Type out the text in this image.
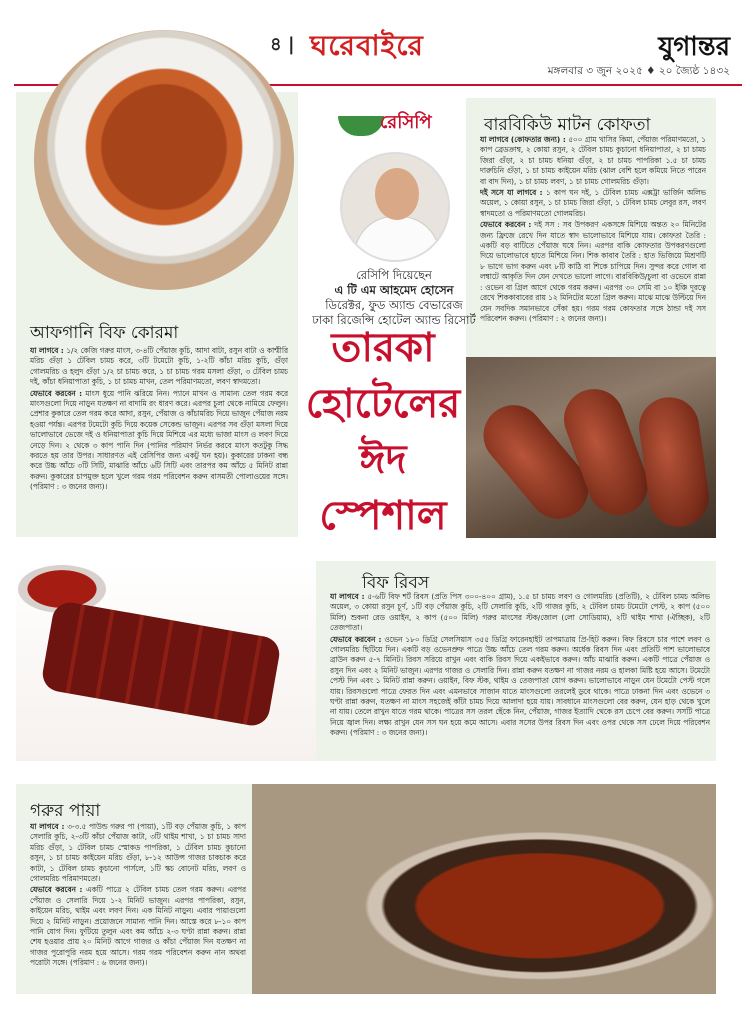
৪ | ঘরেবাইরে	যুগান্তর
মঙ্গলবার ৩ জুন ২০২৫ ♦ ২০ জ্যৈষ্ঠ ১৪৩২
রেসিপি
রেসিপি দিয়েছেন
এ টি এম আহমেদ হোসেন
ডিরেক্টর, ফুড অ্যান্ড বেভারেজ
ঢাকা রিজেন্সি হোটেল অ্যান্ড রিসোর্ট
তারকা
হোটেলের
ঈদ
স্পেশাল
আফগানি বিফ কোরমা

যা লাগবে : ১/২ কেজি গরুর মাংস, ৩-৪টি পেঁয়াজ কুচি, আদা বাটা, রসুন বাটা ও কাশ্মীরি মরিচ গুঁড়া ১ টেবিল চামচ করে, ৩টি টমেটো কুচি, ১-২টি কাঁচা মরিচ কুচি, গুঁড়া গোলমরিচ ও হলুদ গুঁড়া ১/২ চা চামচ করে, ১ চা চামচ গরম মসলা গুঁড়া, ৩ টেবিল চামচ দই, কাঁচা ধনিয়াপাতা কুচি, ১ চা চামচ মাখন, তেল পরিমাণমতো, লবণ স্বাদমতো।

যেভাবে করবেন : মাংস ধুয়ে পানি ঝরিয়ে নিন। প্যানে মাখন ও সামান্য তেল গরম করে মাংসগুলো দিয়ে নাড়ুন যতক্ষণ না বাদামি রং ধারণ করে। এরপর চুলা থেকে নামিয়ে ফেলুন। প্রেশার কুকারে তেল গরম করে আদা, রসুন, পেঁয়াজ ও কাঁচামরিচ দিয়ে ভাজুন পেঁয়াজ নরম হওয়া পর্যন্ত। এরপর টমেটো কুচি দিয়ে কয়েক সেকেন্ড ভাজুন। এরপর সব গুঁড়া মসলা দিয়ে ভালোভাবে ভেজে দই ও ধনিয়াপাতা কুচি দিয়ে মিশিয়ে এর মধ্যে ভাজা মাংস ও লবণ দিয়ে নেড়ে দিন। ২ থেকে ৩ কাপ পানি দিন (পানির পরিমাণ নির্ভর করবে মাংস কতটুকু সিদ্ধ করতে হয় তার উপর। সাধারণত এই রেসিপির জন্য একটু ঘন হয়)। কুকারের ঢাকনা বন্ধ করে উচ্চ আঁচে ৩টি সিটি, মাঝারি আঁচে ৬টি সিটি এবং তারপর কম আঁচে ৫ মিনিট রান্না করুন। কুকারের চাপমুক্ত হলে খুলে গরম গরম পরিবেশন করুন বাসমতী পোলাওয়ের সঙ্গে। (পরিমাণ : ৩ জনের জন্য)।

বারবিকিউ মাটন কোফতা

যা লাগবে (কোফতার জন্য) : ৫০০ গ্রাম খাসির কিমা, পেঁয়াজ পরিমাণমতো, ১ কাপ ব্রেডক্রাম্ব, ২ কোয়া রসুন, ২ টেবিল চামচ কুচানো ধনিয়াপাতা, ২ চা চামচ জিরা গুঁড়া, ২ চা চামচ ধনিয়া গুঁড়া, ২ চা চামচ পাপরিকা ১.৫ চা চামচ দারুচিনি গুঁড়া, ১ চা চামচ কাইয়েন মরিচ (ঝাল বেশি হলে কমিয়ে নিতে পারেন বা বাদ দিন), ১ চা চামচ লবণ, ১ চা চামচ গোলমরিচ গুঁড়া।

দই সসে যা লাগবে : ১ কাপ ঘন দই, ১ টেবিল চামচ এক্সট্রা ভার্জিন অলিভ অয়েল, ১ কোয়া রসুন, ১ চা চামচ জিরা গুঁড়া, ১ টেবিল চামচ লেবুর রস, লবণ স্বাদমতো ও পরিমাণমতো গোলমরিচ।

যেভাবে করবেন : দই সস : সব উপকরণ একসঙ্গে মিশিয়ে অন্তত ২০ মিনিটের জন্য ফ্রিজে রেখে দিন যাতে স্বাদ ভালোভাবে মিশিয়ে যায়। কোফতা তৈরি : একটি বড় বাটিতে পেঁয়াজ ঘষে নিন। এরপর বাকি কোফতার উপকরণগুলো দিয়ে ভালোভাবে হাতে মিশিয়ে নিন। শিক কাবাব তৈরি : হাত ভিজিয়ে মিশ্রণটি ৮ ভাগে ভাগ করুন এবং ৮টি কাঠি বা শিকে চাপিয়ে দিন। সুন্দর করে গোল বা লম্বাটে আকৃতি দিন যেন দেখতে ভালো লাগে। বারবিকিউ/চুলা বা ওভেনে রান্না : ওভেন বা গ্রিল আগে থেকে গরম করুন। এরপর ৩০ সেমি বা ১০ ইঞ্চি দূরত্বে রেখে শিককাবাবের রায় ১২ মিনিটের মতো গ্রিল করুন। মাঝে মাঝে উল্টিয়ে দিন যেন সবদিক সমানভাবে সেঁকা হয়। গরম গরম কোফতার সঙ্গে ঠান্ডা দই সস পরিবেশন করুন। (পরিমাণ : ২ জনের জন্য)।

বিফ রিবস

যা লাগবে : ৫-৬টি বিফ শর্ট রিবস (প্রতি পিস ৩০০-৪০০ গ্রাম), ১.৫ চা চামচ লবণ ও গোলমরিচ (প্রতিটি), ২ টেবিল চামচ অলিভ অয়েল, ৩ কোয়া রসুন চূর্ণ, ১টি বড় পেঁয়াজ কুচি, ২টি সেলারি কুচি, ২টি গাজর কুচি, ২ টেবিল চামচ টমেটো পেস্ট, ২ কাপ (৫০০ মিলি) শুকনা রেড ওয়াইন, ২ কাপ (৫০০ মিলি) গরুর মাংসের স্টক/জোল (লো সোডিয়াম), ২টি থাইম শাখা (ঐচ্ছিক), ২টি তেজপাতা।

যেভাবে করবেন : ওভেন ১৮০ ডিগ্রি সেলসিয়াস ৩৫৫ ডিগ্রি ফারেনহাইট তাপমাত্রায় প্রি-হিট করুন। বিফ রিবসে চার পাশে লবণ ও গোলমরিচ ছিটিয়ে দিন। একটি বড় ওভেনপ্রুফ পাত্রে উচ্চ আঁচে তেল গরম করুন। অর্ধেক রিবস দিন এবং প্রতিটি পাশ ভালোভাবে ব্রাউন করুন ৫-৭ মিনিট। রিবস সরিয়ে রাখুন এবং বাকি রিবস দিয়ে একইভাবে করুন। আঁচ মাঝারি করুন। একটি পাত্রে পেঁয়াজ ও রসুন দিন এবং ২ মিনিট ভাজুন। এরপর গাজর ও সেলারি দিন। রান্না করুন যতক্ষণ না গাজর নরম ও হালকা মিষ্টি হয়ে আসে। টমেটো পেস্ট দিন এবং ১ মিনিট রান্না করুন। ওয়াইন, বিফ স্টক, থাইম ও তেজপাতা যোগ করুন। ভালোভাবে নাড়ুন যেন টমেটো পেস্ট গলে যায়। রিবসগুলো পাত্রে ফেরত দিন এবং এমনভাবে সাজান যাতে মাংসগুলো তরলেই ডুবে থাকে। পাত্রে ঢাকনা দিন এবং ওভেনে ৩ ঘণ্টা রান্না করুন, যতক্ষণ না মাংস সহজেই কাঁটা চামচ দিয়ে আলাদা হয়ে যায়। সাবধানে মাংসগুলো বের করুন, যেন হাড় থেকে খুলে না যায়। তেলে রাখুন যাতে গরম থাকে। পাত্রের সস তরল ছেঁকে নিন, পেঁয়াজ, গাজর ইত্যাদি থেকে রস চেপে বের করুন। সসটি পাত্রে নিয়ে জ্বাল দিন। লক্ষ্য রাখুন যেন সস ঘন হয়ে কমে আসে। এবার সসের উপর রিবস দিন এবং ওপর থেকে সস ঢেলে দিয়ে পরিবেশন করুন। (পরিমাণ : ৩ জনের জন্য)।

গরুর পায়া

যা লাগবে : ৩-৩.৫ পাউন্ড গরুর পা (পায়া), ১টি বড় পেঁয়াজ কুচি, ১ কাপ সেলারি কুচি, ২-৩টি কাঁচা পেঁয়াজ কাটা, ৩টি থাইম শাখা, ১ চা চামচ সাদা মরিচ গুঁড়া, ১ টেবিল চামচ স্মোকড পাপরিকা, ১ টেবিল চামচ কুচানো রসুন, ১ চা চামচ কাইয়েন মরিচ গুঁড়া, ৮-১২ আউন্স গাজর চাকচাক করে কাটা, ১ টেবিল চামচ কুচানো পার্সলে, ১টি স্কচ বোনেট মরিচ, লবণ ও গোলমরিচ পরিমাণমতো।

যেভাবে করবেন : একটি পাত্রে ২ টেবিল চামচ তেল গরম করুন। এরপর পেঁয়াজ ও সেলারি দিয়ে ১-২ মিনিট ভাজুন। এরপর পাপরিকা, রসুন, কাইয়েন মরিচ, থাইম এবং লবণ দিন। এক মিনিট নাড়ুন। এবার পায়াগুলো দিয়ে ২ মিনিট নাড়ুন। প্রয়োজনে সামান্য পানি দিন। আস্তে করে ৮-১০ কাপ পানি যোগ দিন। ফুটিয়ে তুলুন এবং কম আঁচে ২-৩ ঘণ্টা রান্না করুন। রান্না শেষ হওয়ার প্রায় ২০ মিনিট আগে গাজর ও কাঁচা পেঁয়াজ দিন যতক্ষণ না গাজর পুরোপুরি নরম হয়ে আসে। গরম গরম পরিবেশন করুন নান অথবা পরোটা সঙ্গে। (পরিমাণ : ৬ জনের জন্য)।
